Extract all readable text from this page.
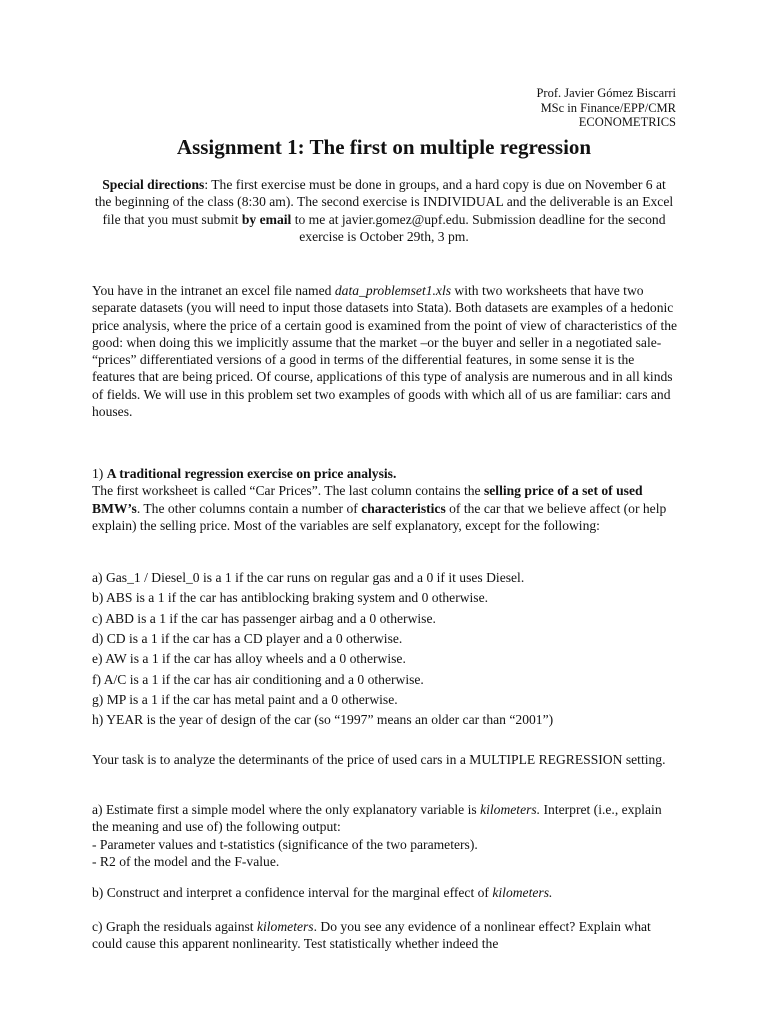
Prof. Javier Gómez Biscarri
MSc in Finance/EPP/CMR
ECONOMETRICS
Assignment 1: The first on multiple regression

Special directions: The first exercise must be done in groups, and a hard copy is due on November 6 at the beginning of the class (8:30 am). The second exercise is INDIVIDUAL and the deliverable is an Excel file that you must submit by email to me at javier.gomez@upf.edu. Submission deadline for the second exercise is October 29th, 3 pm.

You have in the intranet an excel file named data_problemset1.xls with two worksheets that have two separate datasets (you will need to input those datasets into Stata). Both datasets are examples of a hedonic price analysis, where the price of a certain good is examined from the point of view of characteristics of the good: when doing this we implicitly assume that the market –or the buyer and seller in a negotiated sale- “prices” differentiated versions of a good in terms of the differential features, in some sense it is the features that are being priced. Of course, applications of this type of analysis are numerous and in all kinds of fields. We will use in this problem set two examples of goods with which all of us are familiar: cars and houses.

1) A traditional regression exercise on price analysis.
The first worksheet is called “Car Prices”. The last column contains the selling price of a set of used BMW’s. The other columns contain a number of characteristics of the car that we believe affect (or help explain) the selling price. Most of the variables are self explanatory, except for the following:

a) Gas_1 / Diesel_0 is a 1 if the car runs on regular gas and a 0 if it uses Diesel.
b) ABS is a 1 if the car has antiblocking braking system and 0 otherwise.
c) ABD is a 1 if the car has passenger airbag and a 0 otherwise.
d) CD is a 1 if the car has a CD player and a 0 otherwise.
e) AW is a 1 if the car has alloy wheels and a 0 otherwise.
f) A/C is a 1 if the car has air conditioning and a 0 otherwise.
g) MP is a 1 if the car has metal paint and a 0 otherwise.
h) YEAR is the year of design of the car (so “1997” means an older car than “2001”)

Your task is to analyze the determinants of the price of used cars in a MULTIPLE REGRESSION setting.

a) Estimate first a simple model where the only explanatory variable is kilometers. Interpret (i.e., explain the meaning and use of) the following output:
- Parameter values and t-statistics (significance of the two parameters).
- R2 of the model and the F-value.

b) Construct and interpret a confidence interval for the marginal effect of kilometers.

c) Graph the residuals against kilometers. Do you see any evidence of a nonlinear effect? Explain what could cause this apparent nonlinearity. Test statistically whether indeed the
